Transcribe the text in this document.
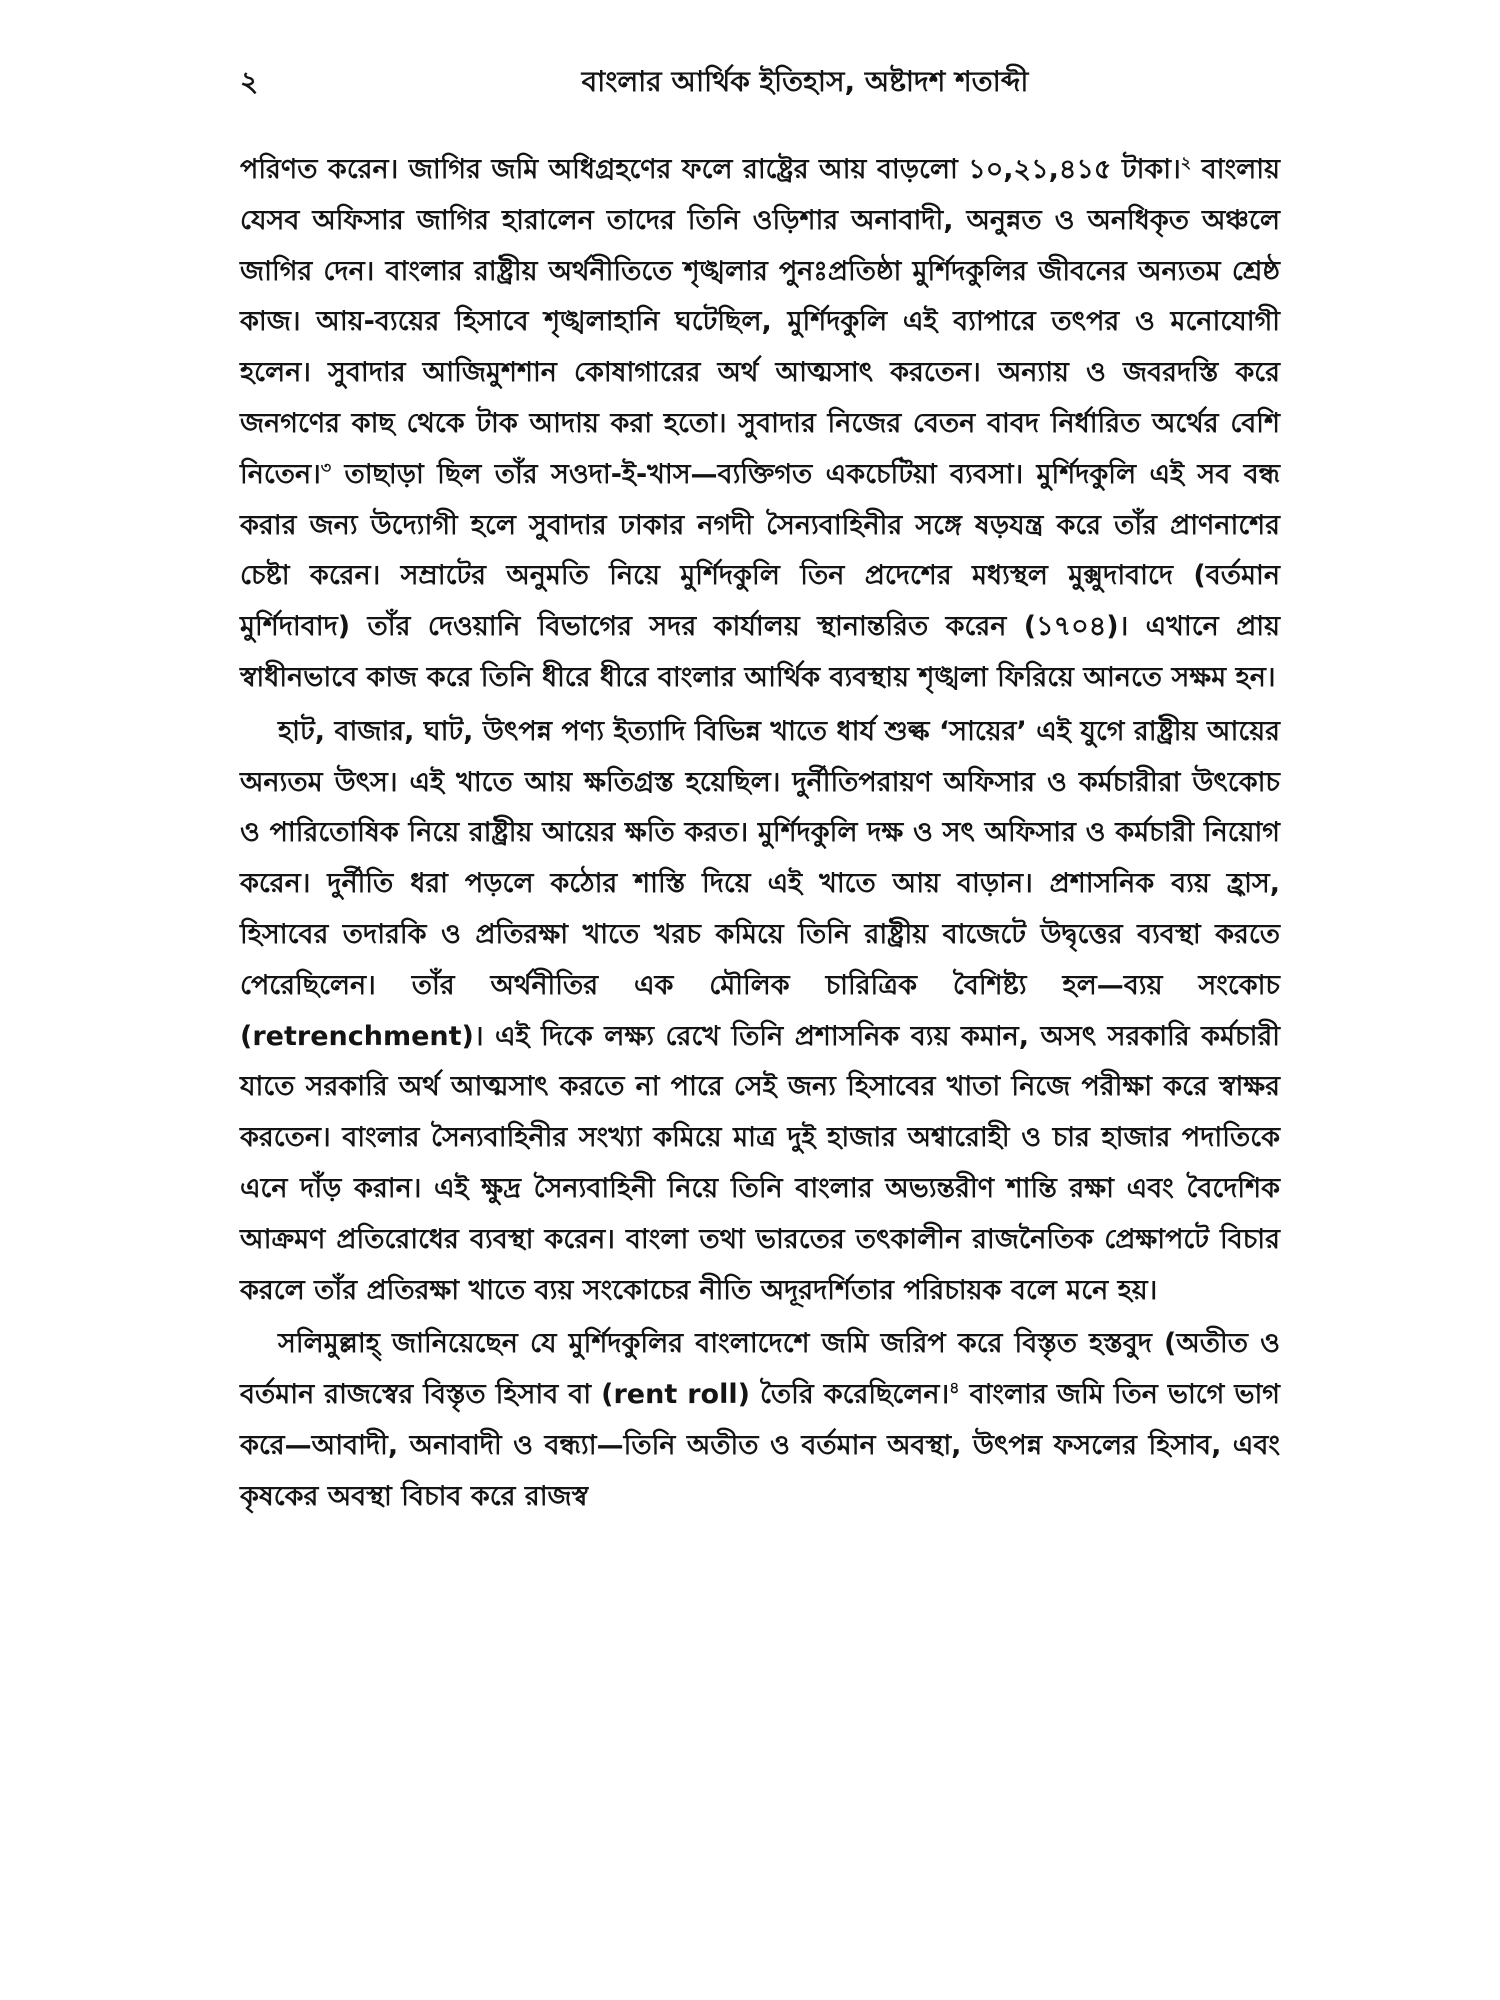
২	বাংলার আর্থিক ইতিহাস, অষ্টাদশ শতাব্দী

পরিণত করেন। জাগির জমি অধিগ্রহণের ফলে রাষ্ট্রের আয় বাড়লো ১০,২১,৪১৫ টাকা।$^২$ বাংলায় যেসব অফিসার জাগির হারালেন তাদের তিনি ওড়িশার অনাবাদী, অনুন্নত ও অনধিকৃত অঞ্চলে জাগির দেন। বাংলার রাষ্ট্রীয় অর্থনীতিতে শৃঙ্খলার পুনঃপ্রতিষ্ঠা মুর্শিদকুলির জীবনের অন্যতম শ্রেষ্ঠ কাজ। আয়-ব্যয়ের হিসাবে শৃঙ্খলাহানি ঘটেছিল, মুর্শিদকুলি এই ব্যাপারে তৎপর ও মনোযোগী হলেন। সুবাদার আজিমুশশান কোষাগারের অর্থ আত্মসাৎ করতেন। অন্যায় ও জবরদস্তি করে জনগণের কাছ থেকে টাক আদায় করা হতো। সুবাদার নিজের বেতন বাবদ নির্ধারিত অর্থের বেশি নিতেন।$^৩$ তাছাড়া ছিল তাঁর সওদা-ই-খাস—ব্যক্তিগত একচেটিয়া ব্যবসা। মুর্শিদকুলি এই সব বন্ধ করার জন্য উদ্যোগী হলে সুবাদার ঢাকার নগদী সৈন্যবাহিনীর সঙ্গে ষড়যন্ত্র করে তাঁর প্রাণনাশের চেষ্টা করেন। সম্রাটের অনুমতি নিয়ে মুর্শিদকুলি তিন প্রদেশের মধ্যস্থল মুক্সুদাবাদে (বর্তমান মুর্শিদাবাদ) তাঁর দেওয়ানি বিভাগের সদর কার্যালয় স্থানান্তরিত করেন (১৭০৪)। এখানে প্রায় স্বাধীনভাবে কাজ করে তিনি ধীরে ধীরে বাংলার আর্থিক ব্যবস্থায় শৃঙ্খলা ফিরিয়ে আনতে সক্ষম হন।

হাট, বাজার, ঘাট, উৎপন্ন পণ্য ইত্যাদি বিভিন্ন খাতে ধার্য শুল্ক ‘সায়ের’ এই যুগে রাষ্ট্রীয় আয়ের অন্যতম উৎস। এই খাতে আয় ক্ষতিগ্রস্ত হয়েছিল। দুর্নীতিপরায়ণ অফিসার ও কর্মচারীরা উৎকোচ ও পারিতোষিক নিয়ে রাষ্ট্রীয় আয়ের ক্ষতি করত। মুর্শিদকুলি দক্ষ ও সৎ অফিসার ও কর্মচারী নিয়োগ করেন। দুর্নীতি ধরা পড়লে কঠোর শাস্তি দিয়ে এই খাতে আয় বাড়ান। প্রশাসনিক ব্যয় হ্রাস, হিসাবের তদারকি ও প্রতিরক্ষা খাতে খরচ কমিয়ে তিনি রাষ্ট্রীয় বাজেটে উদ্বৃত্তের ব্যবস্থা করতে পেরেছিলেন। তাঁর অর্থনীতির এক মৌলিক চারিত্রিক বৈশিষ্ট্য হল—ব্যয় সংকোচ (retrenchment)। এই দিকে লক্ষ্য রেখে তিনি প্রশাসনিক ব্যয় কমান, অসৎ সরকারি কর্মচারী যাতে সরকারি অর্থ আত্মসাৎ করতে না পারে সেই জন্য হিসাবের খাতা নিজে পরীক্ষা করে স্বাক্ষর করতেন। বাংলার সৈন্যবাহিনীর সংখ্যা কমিয়ে মাত্র দুই হাজার অশ্বারোহী ও চার হাজার পদাতিকে এনে দাঁড় করান। এই ক্ষুদ্র সৈন্যবাহিনী নিয়ে তিনি বাংলার অভ্যন্তরীণ শান্তি রক্ষা এবং বৈদেশিক আক্রমণ প্রতিরোধের ব্যবস্থা করেন। বাংলা তথা ভারতের তৎকালীন রাজনৈতিক প্রেক্ষাপটে বিচার করলে তাঁর প্রতিরক্ষা খাতে ব্যয় সংকোচের নীতি অদূরদর্শিতার পরিচায়ক বলে মনে হয়।

সলিমুল্লাহ্ জানিয়েছেন যে মুর্শিদকুলির বাংলাদেশে জমি জরিপ করে বিস্তৃত হস্তবুদ (অতীত ও বর্তমান রাজস্বের বিস্তৃত হিসাব বা (rent roll) তৈরি করেছিলেন।$^৪$ বাংলার জমি তিন ভাগে ভাগ করে—আবাদী, অনাবাদী ও বন্ধ্যা—তিনি অতীত ও বর্তমান অবস্থা, উৎপন্ন ফসলের হিসাব, এবং কৃষকের অবস্থা বিচাব করে রাজস্ব
